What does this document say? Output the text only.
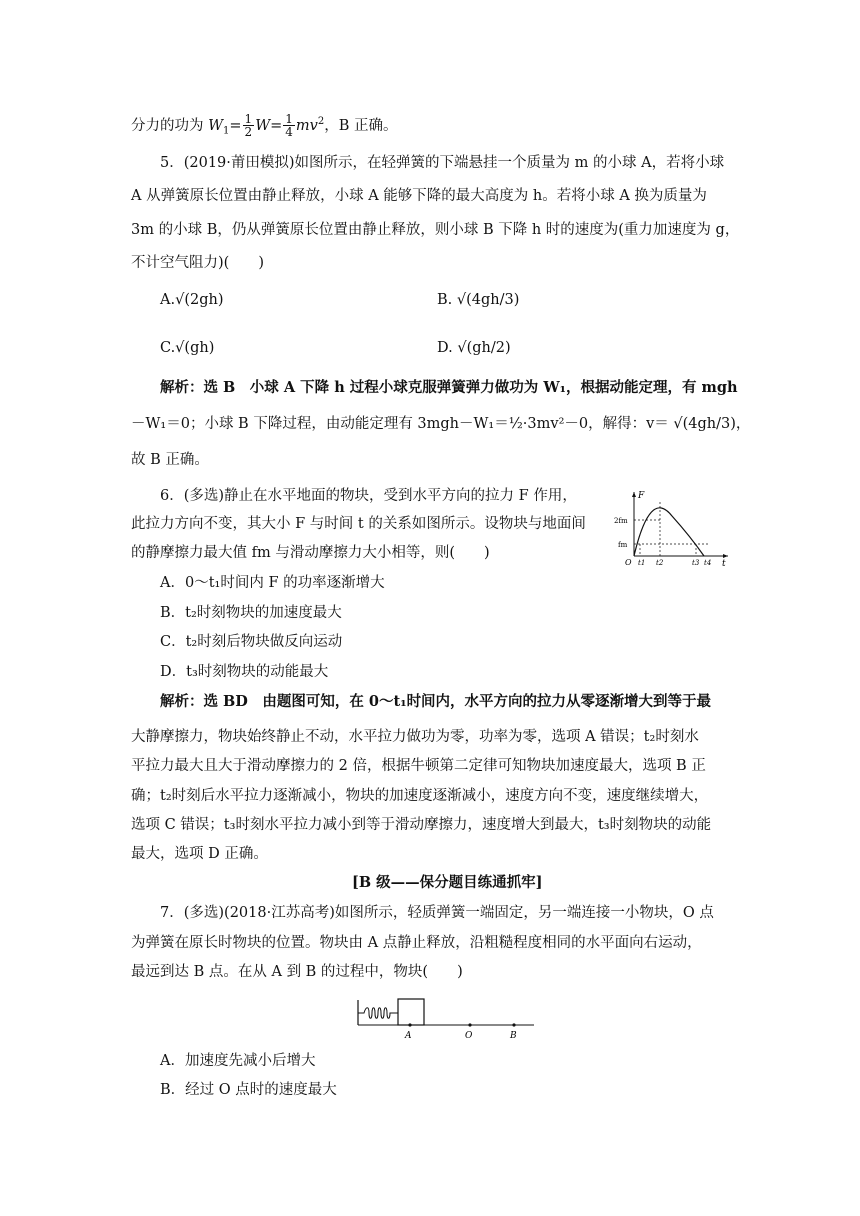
分力的功为 $W_1= \frac{1}{2} W= \frac{1}{4} mv^2$，B 正确。
5．(2019·莆田模拟)如图所示，在轻弹簧的下端悬挂一个质量为 m 的小球 A，若将小球
A 从弹簧原长位置由静止释放，小球 A 能够下降的最大高度为 h。若将小球 A 换为质量为
3m 的小球 B，仍从弹簧原长位置由静止释放，则小球 B 下降 h 时的速度为(重力加速度为 g，
不计空气阻力)(　　)
A.√(2gh)	B. √(4gh/3)
C.√(gh)	D. √(gh/2)
解析：选 B　小球 A 下降 h 过程小球克服弹簧弹力做功为 W₁，根据动能定理，有 mgh
－W₁＝0；小球 B 下降过程，由动能定理有 3mgh－W₁＝½·3mv²－0，解得：v＝ √(4gh/3)，
故 B 正确。
6．(多选)静止在水平地面的物块，受到水平方向的拉力 F 作用，
此拉力方向不变，其大小 F 与时间 t 的关系如图所示。设物块与地面间
的静摩擦力最大值 fm 与滑动摩擦力大小相等，则(　　)
A．0～t₁时间内 F 的功率逐渐增大
B．t₂时刻物块的加速度最大
C．t₂时刻后物块做反向运动
D．t₃时刻物块的动能最大
F
t
2fm
fm
O t1 t2	t3 t4
解析：选 BD　由题图可知，在 0～t₁时间内，水平方向的拉力从零逐渐增大到等于最
大静摩擦力，物块始终静止不动，水平拉力做功为零，功率为零，选项 A 错误；t₂时刻水
平拉力最大且大于滑动摩擦力的 2 倍，根据牛顿第二定律可知物块加速度最大，选项 B 正
确；t₂时刻后水平拉力逐渐减小，物块的加速度逐渐减小，速度方向不变，速度继续增大，
选项 C 错误；t₃时刻水平拉力减小到等于滑动摩擦力，速度增大到最大，t₃时刻物块的动能
最大，选项 D 正确。
[B 级——保分题目练通抓牢]
7．(多选)(2018·江苏高考)如图所示，轻质弹簧一端固定，另一端连接一小物块，O 点
为弹簧在原长时物块的位置。物块由 A 点静止释放，沿粗糙程度相同的水平面向右运动，
最远到达 B 点。在从 A 到 B 的过程中，物块(　　)
A	O	B
A．加速度先减小后增大
B．经过 O 点时的速度最大
